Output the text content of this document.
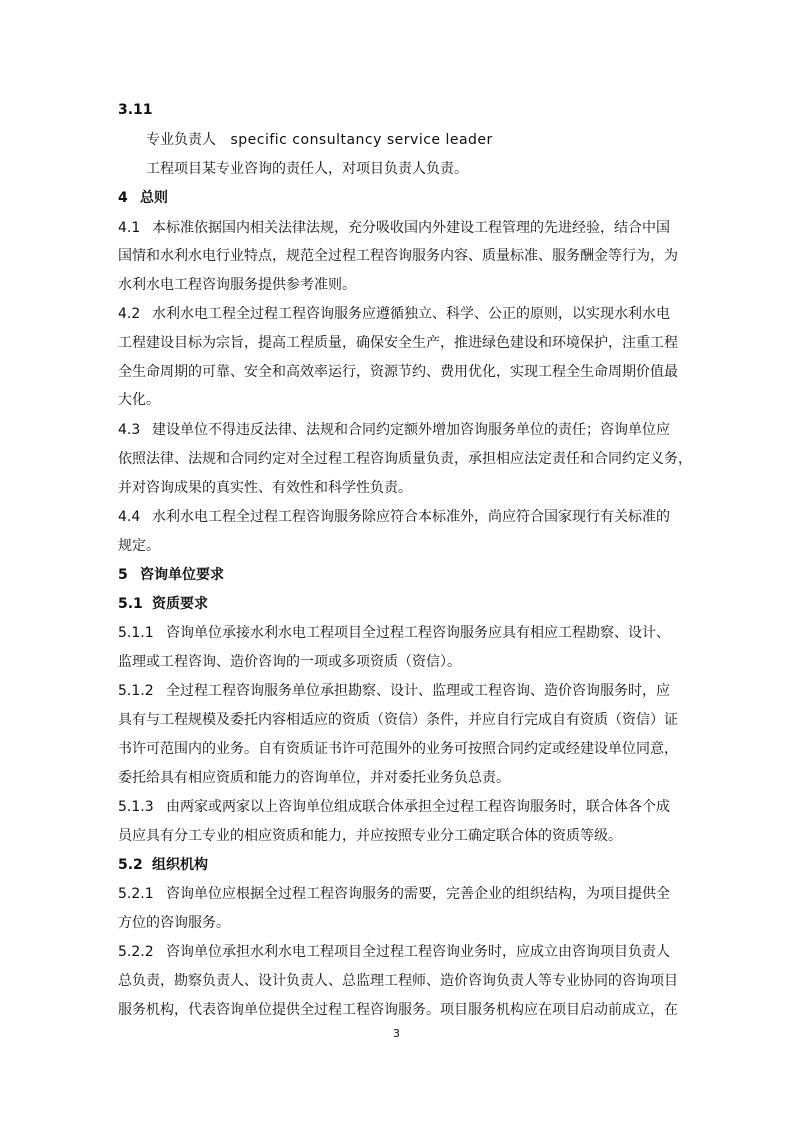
3.11
专业负责人 specific consultancy service leader
工程项目某专业咨询的责任人，对项目负责人负责。
4 总则
4.1 本标准依据国内相关法律法规，充分吸收国内外建设工程管理的先进经验，结合中国
国情和水利水电行业特点，规范全过程工程咨询服务内容、质量标准、服务酬金等行为，为
水利水电工程咨询服务提供参考准则。
4.2 水利水电工程全过程工程咨询服务应遵循独立、科学、公正的原则，以实现水利水电
工程建设目标为宗旨，提高工程质量，确保安全生产，推进绿色建设和环境保护，注重工程
全生命周期的可靠、安全和高效率运行，资源节约、费用优化，实现工程全生命周期价值最
大化。
4.3 建设单位不得违反法律、法规和合同约定额外增加咨询服务单位的责任；咨询单位应
依照法律、法规和合同约定对全过程工程咨询质量负责，承担相应法定责任和合同约定义务，
并对咨询成果的真实性、有效性和科学性负责。
4.4 水利水电工程全过程工程咨询服务除应符合本标准外，尚应符合国家现行有关标准的
规定。
5 咨询单位要求
5.1 资质要求
5.1.1 咨询单位承接水利水电工程项目全过程工程咨询服务应具有相应工程勘察、设计、
监理或工程咨询、造价咨询的一项或多项资质（资信）。
5.1.2 全过程工程咨询服务单位承担勘察、设计、监理或工程咨询、造价咨询服务时，应
具有与工程规模及委托内容相适应的资质（资信）条件，并应自行完成自有资质（资信）证
书许可范围内的业务。自有资质证书许可范围外的业务可按照合同约定或经建设单位同意，
委托给具有相应资质和能力的咨询单位，并对委托业务负总责。
5.1.3 由两家或两家以上咨询单位组成联合体承担全过程工程咨询服务时，联合体各个成
员应具有分工专业的相应资质和能力，并应按照专业分工确定联合体的资质等级。
5.2 组织机构
5.2.1 咨询单位应根据全过程工程咨询服务的需要，完善企业的组织结构，为项目提供全
方位的咨询服务。
5.2.2 咨询单位承担水利水电工程项目全过程工程咨询业务时，应成立由咨询项目负责人
总负责，勘察负责人、设计负责人、总监理工程师、造价咨询负责人等专业协同的咨询项目
服务机构，代表咨询单位提供全过程工程咨询服务。项目服务机构应在项目启动前成立，在
3
